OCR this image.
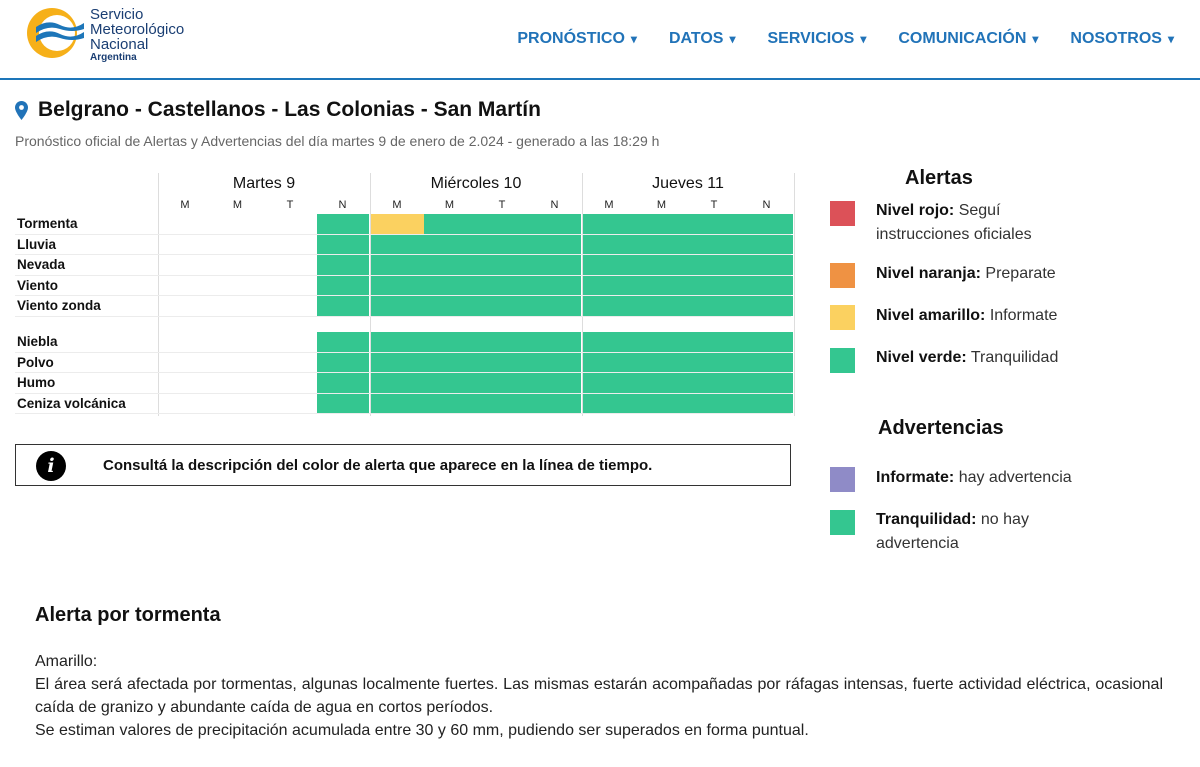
Servicio
Meteorológico
Nacional
Argentina
PRONÓSTICO ▾ DATOS ▾ SERVICIOS ▾ COMUNICACIÓN ▾ NOSOTROS ▾
Belgrano - Castellanos - Las Colonias - San Martín
Pronóstico oficial de Alertas y Advertencias del día martes 9 de enero de 2.024 - generado a las 18:29 h
Martes 9	Miércoles 10	Jueves 11
M	M	T	N	M	M	T	N	M	M	T	N
Tormenta
Lluvia
Nevada
Viento
Viento zonda
Niebla
Polvo
Humo
Ceniza volcánica
i	Consultá la descripción del color de alerta que aparece en la línea de tiempo.
Alertas
Nivel rojo: Seguí instrucciones oficiales
Nivel naranja: Preparate
Nivel amarillo: Informate
Nivel verde: Tranquilidad
Advertencias
Informate: hay advertencia
Tranquilidad: no hay advertencia
Alerta por tormenta
Amarillo:
El área será afectada por tormentas, algunas localmente fuertes. Las mismas estarán acompañadas por ráfagas intensas, fuerte actividad eléctrica, ocasional caída de granizo y abundante caída de agua en cortos períodos.
Se estiman valores de precipitación acumulada entre 30 y 60 mm, pudiendo ser superados en forma puntual.
